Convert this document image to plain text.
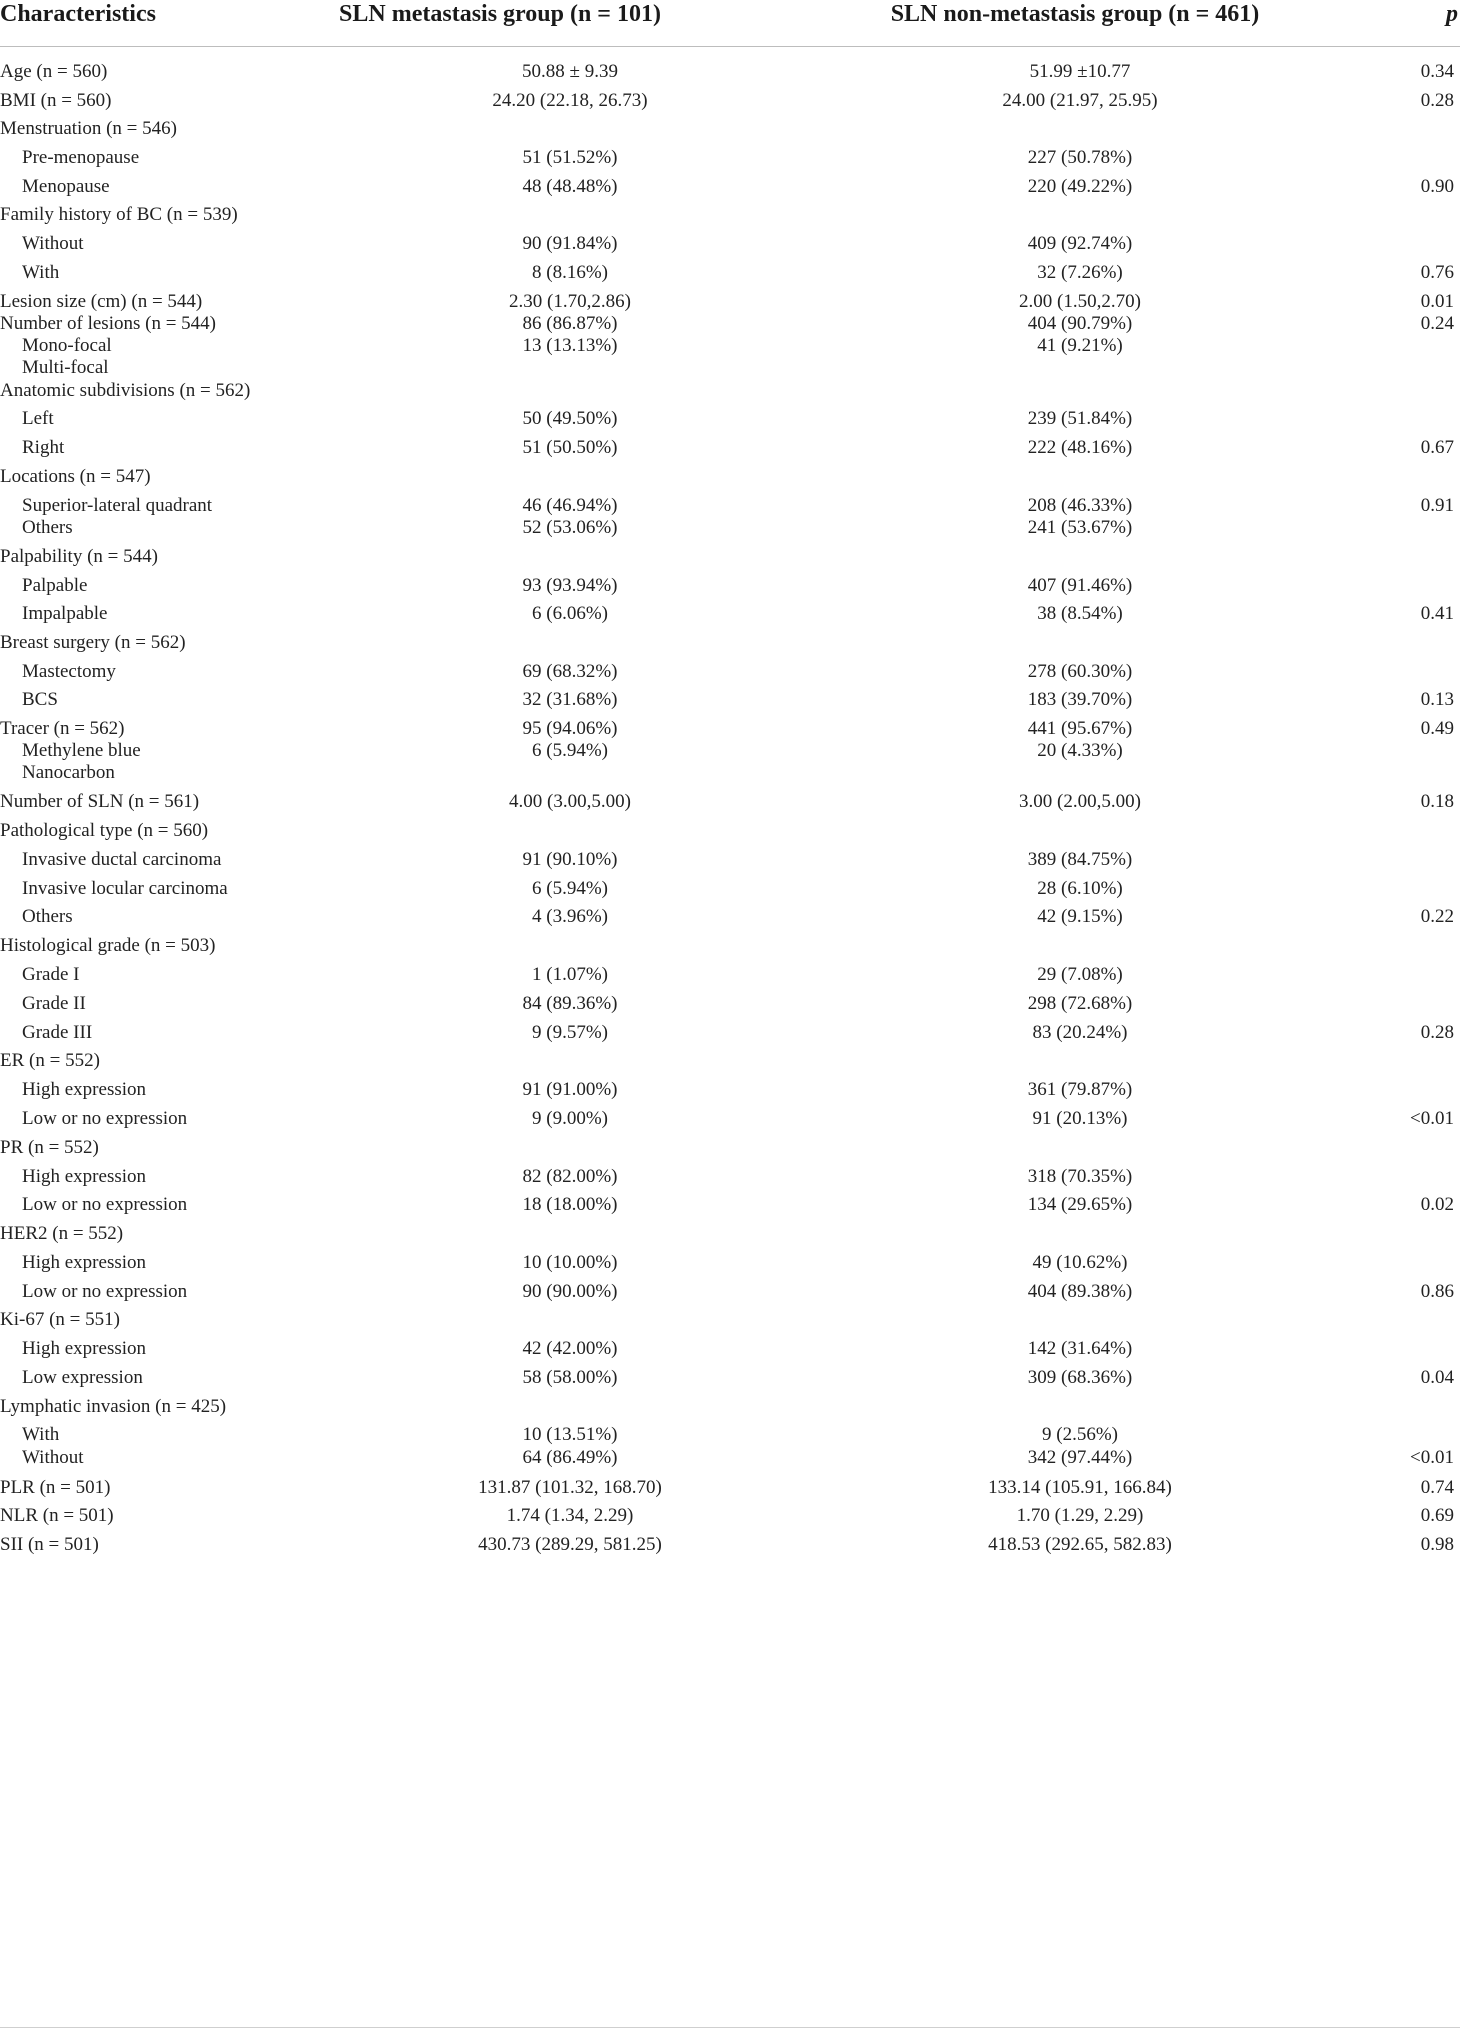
Characteristics	SLN metastasis group (n = 101)	SLN non-metastasis group (n = 461)	p
Age (n = 560)	50.88 ± 9.39	51.99 ±10.77	0.34
BMI (n = 560)	24.20 (22.18, 26.73)	24.00 (21.97, 25.95)	0.28
Menstruation (n = 546)
Pre-menopause	51 (51.52%)	227 (50.78%)
Menopause	48 (48.48%)	220 (49.22%)	0.90
Family history of BC (n = 539)
Without	90 (91.84%)	409 (92.74%)
With	8 (8.16%)	32 (7.26%)	0.76
Lesion size (cm) (n = 544)	2.30 (1.70,2.86)	2.00 (1.50,2.70)	0.01
Number of lesions (n = 544)	86 (86.87%)	404 (90.79%)	0.24
Mono-focal	13 (13.13%)	41 (9.21%)
Multi-focal
Anatomic subdivisions (n = 562)
Left	50 (49.50%)	239 (51.84%)
Right	51 (50.50%)	222 (48.16%)	0.67
Locations (n = 547)
Superior-lateral quadrant	46 (46.94%)	208 (46.33%)	0.91
Others	52 (53.06%)	241 (53.67%)
Palpability (n = 544)
Palpable	93 (93.94%)	407 (91.46%)
Impalpable	6 (6.06%)	38 (8.54%)	0.41
Breast surgery (n = 562)
Mastectomy	69 (68.32%)	278 (60.30%)
BCS	32 (31.68%)	183 (39.70%)	0.13
Tracer (n = 562)	95 (94.06%)	441 (95.67%)	0.49
Methylene blue	6 (5.94%)	20 (4.33%)
Nanocarbon
Number of SLN (n = 561)	4.00 (3.00,5.00)	3.00 (2.00,5.00)	0.18
Pathological type (n = 560)
Invasive ductal carcinoma	91 (90.10%)	389 (84.75%)
Invasive locular carcinoma	6 (5.94%)	28 (6.10%)
Others	4 (3.96%)	42 (9.15%)	0.22
Histological grade (n = 503)
Grade I	1 (1.07%)	29 (7.08%)
Grade II	84 (89.36%)	298 (72.68%)
Grade III	9 (9.57%)	83 (20.24%)	0.28
ER (n = 552)
High expression	91 (91.00%)	361 (79.87%)
Low or no expression	9 (9.00%)	91 (20.13%)	<0.01
PR (n = 552)
High expression	82 (82.00%)	318 (70.35%)
Low or no expression	18 (18.00%)	134 (29.65%)	0.02
HER2 (n = 552)
High expression	10 (10.00%)	49 (10.62%)
Low or no expression	90 (90.00%)	404 (89.38%)	0.86
Ki-67 (n = 551)
High expression	42 (42.00%)	142 (31.64%)
Low expression	58 (58.00%)	309 (68.36%)	0.04
Lymphatic invasion (n = 425)
With	10 (13.51%)	9 (2.56%)
Without	64 (86.49%)	342 (97.44%)	<0.01
PLR (n = 501)	131.87 (101.32, 168.70)	133.14 (105.91, 166.84)	0.74
NLR (n = 501)	1.74 (1.34, 2.29)	1.70 (1.29, 2.29)	0.69
SII (n = 501)	430.73 (289.29, 581.25)	418.53 (292.65, 582.83)	0.98
